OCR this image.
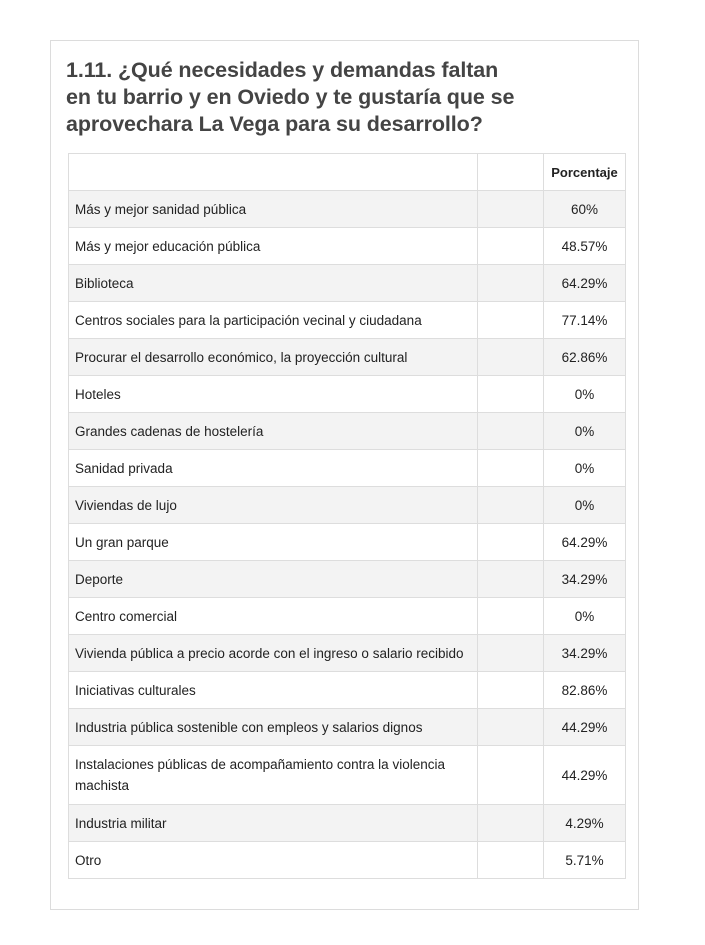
1.11. ¿Qué necesidades y demandas faltan en tu barrio y en Oviedo y te gustaría que se aprovechara La Vega para su desarrollo?
		Porcentaje
Más y mejor sanidad pública		60%
Más y mejor educación pública		48.57%
Biblioteca		64.29%
Centros sociales para la participación vecinal y ciudadana		77.14%
Procurar el desarrollo económico, la proyección cultural		62.86%
Hoteles		0%
Grandes cadenas de hostelería		0%
Sanidad privada		0%
Viviendas de lujo		0%
Un gran parque		64.29%
Deporte		34.29%
Centro comercial		0%
Vivienda pública a precio acorde con el ingreso o salario recibido		34.29%
Iniciativas culturales		82.86%
Industria pública sostenible con empleos y salarios dignos		44.29%
Instalaciones públicas de acompañamiento contra la violencia machista		44.29%
Industria militar		4.29%
Otro		5.71%
